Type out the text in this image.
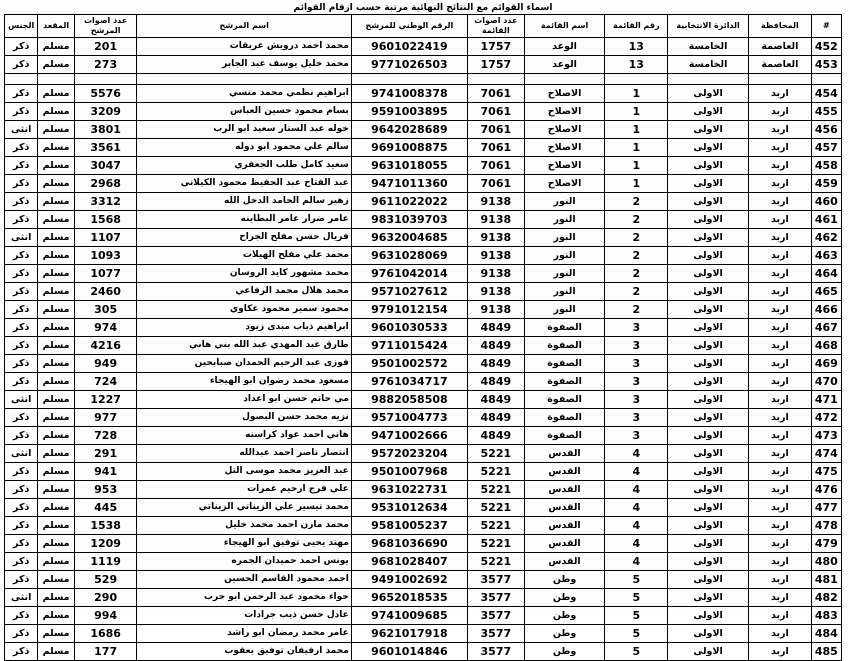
اسماء القوائم مع النتائج النهائية مرتبة حسب ارقام القوائم
#	المحافظة	الدائرة الانتخابية	رقم القائمة	اسم القائمة	عدد اصوات القائمة	الرقم الوطني للمرشح	اسم المرشح	عدد اصوات المرشح	المقعد	الجنس
452	العاصمة	الخامسة	13	الوعد	1757	9601022419	محمد احمد درويش عريقات	201	مسلم	ذكر
453	العاصمة	الخامسة	13	الوعد	1757	9771026503	محمد خليل يوسف عبد الجابر	273	مسلم	ذكر

454	اربد	الاولى	1	الاصلاح	7061	9741008378	ابراهيم نظمي محمد منسي	5576	مسلم	ذكر
455	اربد	الاولى	1	الاصلاح	7061	9591003895	بسام محمود حسين العباس	3209	مسلم	ذكر
456	اربد	الاولى	1	الاصلاح	7061	9642028689	خوله عبد الستار سعيد ابو الرب	3801	مسلم	انثى
457	اربد	الاولى	1	الاصلاح	7061	9691008875	سالم علي محمود ابو دوله	3561	مسلم	ذكر
458	اربد	الاولى	1	الاصلاح	7061	9631018055	سعيد كامل طلب الجعفري	3047	مسلم	ذكر
459	اربد	الاولى	1	الاصلاح	7061	9471011360	عبد الفتاح عبد الحفيظ محمود الكيلاني	2968	مسلم	ذكر
460	اربد	الاولى	2	النور	9138	9611022022	زهير سالم الحامد الدخل الله	3312	مسلم	ذكر
461	اربد	الاولى	2	النور	9138	9831039703	عامر ضرار عامر البطاينه	1568	مسلم	ذكر
462	اربد	الاولى	2	النور	9138	9632004685	فريال حسن مفلح الجراح	1107	مسلم	انثى
463	اربد	الاولى	2	النور	9138	9631028069	محمد علي مفلح الهيلات	1093	مسلم	ذكر
464	اربد	الاولى	2	النور	9138	9761042014	محمد مشهور كايد الروسان	1077	مسلم	ذكر
465	اربد	الاولى	2	النور	9138	9571027612	محمد هلال محمد الرفاعي	2460	مسلم	ذكر
466	اربد	الاولى	2	النور	9138	9791012154	محمود سمير محمود عكاوي	305	مسلم	ذكر
467	اربد	الاولى	3	الصفوة	4849	9601030533	ابراهيم ذياب مبدى زيود	974	مسلم	ذكر
468	اربد	الاولى	3	الصفوة	4849	9711015424	طارق عبد المهدي عبد الله بني هاني	4216	مسلم	ذكر
469	اربد	الاولى	3	الصفوة	4849	9501002572	فوزى عبد الرحيم الحمدان صبابحين	949	مسلم	ذكر
470	اربد	الاولى	3	الصفوة	4849	9761034717	مسعود محمد رضوان ابو الهيجاء	724	مسلم	ذكر
471	اربد	الاولى	3	الصفوة	4849	9882058508	مي حاتم حسن ابو اعداد	1227	مسلم	انثى
472	اربد	الاولى	3	الصفوة	4849	9571004773	نزيه محمد حسن البصول	977	مسلم	ذكر
473	اربد	الاولى	3	الصفوة	4849	9471002666	هاني احمد عواد كراسنه	728	مسلم	ذكر
474	اربد	الاولى	4	القدس	5221	9572023204	انتصار ناصر احمد عبدالله	291	مسلم	انثى
475	اربد	الاولى	4	القدس	5221	9501007968	عبد العزيز محمد موسى التل	941	مسلم	ذكر
476	اربد	الاولى	4	القدس	5221	9631022731	علي فرج ارحيم عمرات	953	مسلم	ذكر
477	اربد	الاولى	4	القدس	5221	9531012634	محمد تيسير علي الزيناتي الزيناتي	445	مسلم	ذكر
478	اربد	الاولى	4	القدس	5221	9581005237	محمد مازن احمد محمد خليل	1538	مسلم	ذكر
479	اربد	الاولى	4	القدس	5221	9681036690	مهند يحيى توفيق ابو الهيجاء	1209	مسلم	ذكر
480	اربد	الاولى	4	القدس	5221	9681028407	يونس احمد حميدان الجمره	1119	مسلم	ذكر
481	اربد	الاولى	5	وطن	3577	9491002692	احمد محمود القاسم الحسين	529	مسلم	ذكر
482	اربد	الاولى	5	وطن	3577	9652018535	حواء محمود عبد الرحمن ابو حرب	290	مسلم	انثى
483	اربد	الاولى	5	وطن	3577	9741009685	عادل حسن ذيب جرادات	994	مسلم	ذكر
484	اربد	الاولى	5	وطن	3577	9621017918	عامر محمد رمضان ابو راشد	1686	مسلم	ذكر
485	اربد	الاولى	5	وطن	3577	9601014846	محمد ارفيفان توفيق يعقوب	177	مسلم	ذكر
